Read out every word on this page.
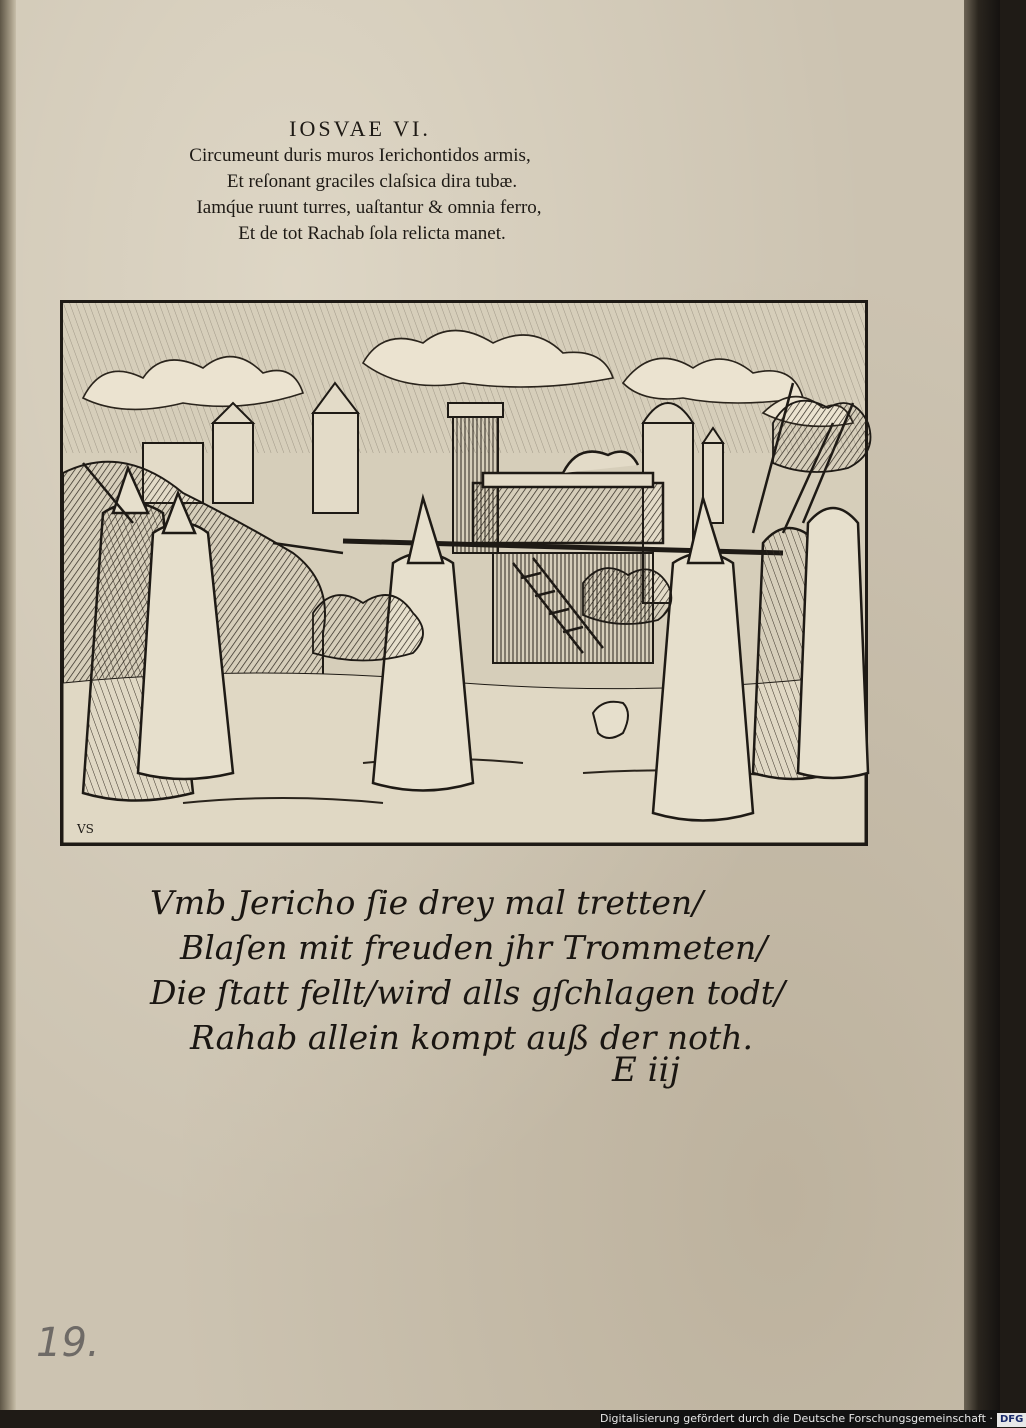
IOSVAE VI.
Circumeunt duris muros Ierichontidos armis,
Et reſonant graciles claſsica dira tubæ.
Iamq́ue ruunt turres, uaſtantur & omnia ferro,
Et de tot Rachab ſola relicta manet.
VS
Vmb Jericho ſie drey mal tretten/
Blaſen mit freuden jhr Trommeten/
Die ſtatt fellt/wird alls gſchlagen todt/
Rahab allein kompt auß der noth.
E iij
19.
Digitalisierung gefördert durch die Deutsche Forschungsgemeinschaft · DFG
